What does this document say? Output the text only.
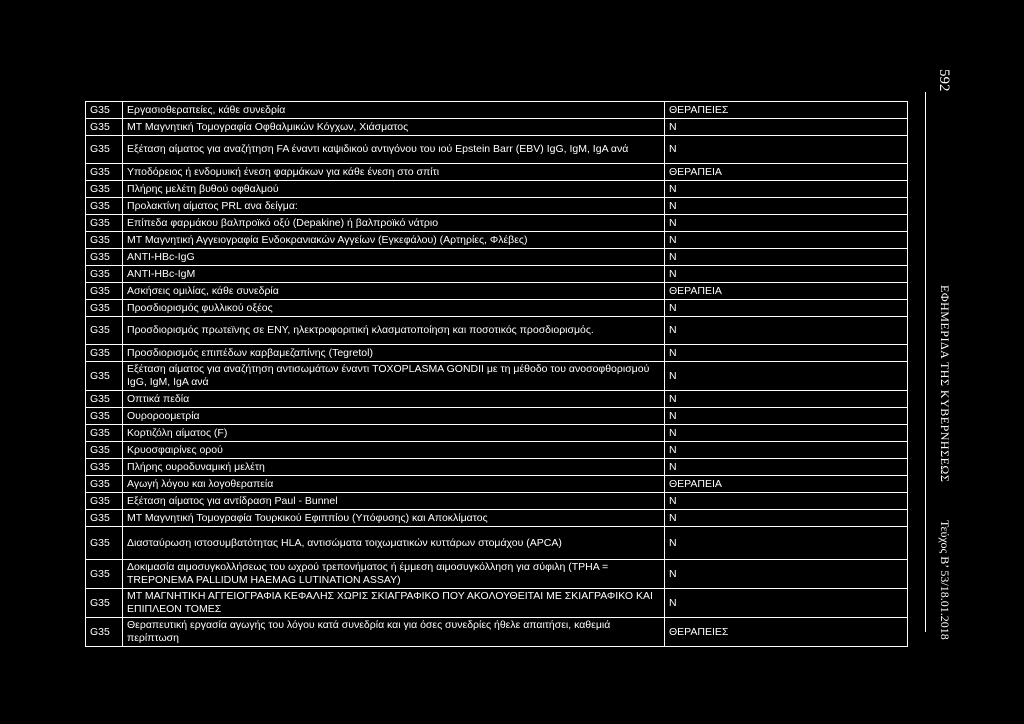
592
ΕΦΗΜΕΡΙΔΑ ΤΗΣ ΚΥΒΕΡΝΗΣΕΩΣ
Τεύχος Β’ 53/18.01.2018
G35	Εργασιοθεραπείες, κάθε συνεδρία	ΘΕΡΑΠΕΙΕΣ
G35	ΜΤ Μαγνητική Τομογραφία Οφθαλμικών Κόγχων, Χιάσματος	Ν
G35	Εξέταση αίματος για αναζήτηση FA έναντι καψιδικού αντιγόνου του ιού Epstein Barr (EBV) IgG, IgM, IgA ανά	Ν
G35	Υποδόρειος ή ενδομυική ένεση φαρμάκων για κάθε ένεση στο σπίτι	ΘΕΡΑΠΕΙΑ
G35	Πλήρης μελέτη βυθού οφθαλμού	Ν
G35	Προλακτίνη αίματος PRL ανα δείγμα:	Ν
G35	Επίπεδα φαρμάκου βαλπροϊκό οξύ (Depakine) ή βαλπροϊκό νάτριο	Ν
G35	ΜΤ Μαγνητική Αγγειογραφία Ενδοκρανιακών Αγγείων (Εγκεφάλου) (Αρτηρίες, Φλέβες)	Ν
G35	ANTI-HBc-IgG	Ν
G35	ANTI-HBc-IgM	Ν
G35	Ασκήσεις ομιλίας, κάθε συνεδρία	ΘΕΡΑΠΕΙΑ
G35	Προσδιορισμός φυλλικού οξέος	Ν
G35	Προσδιορισμός πρωτεϊνης σε ΕΝΥ, ηλεκτροφοριτική κλασματοποίηση και ποσοτικός προσδιορισμός.	Ν
G35	Προσδιορισμός επιπέδων καρβαμεζαπίνης (Tegretol)	Ν
G35	Εξέταση αίματος για αναζήτηση αντισωμάτων έναντι TOXOPLASMA GONDII με τη μέθοδο του ανοσοφθορισμού IgG, IgM, IgA ανά	Ν
G35	Οπτικά πεδία	Ν
G35	Ουροροομετρία	Ν
G35	Κορτιζόλη αίματος (F)	Ν
G35	Κρυοσφαιρίνες ορού	Ν
G35	Πλήρης ουροδυναμική μελέτη	Ν
G35	Αγωγή λόγου και λογοθεραπεία	ΘΕΡΑΠΕΙΑ
G35	Εξέταση αίματος για αντίδραση Paul - Bunnel	Ν
G35	ΜΤ Μαγνητική Τομογραφία Τουρκικού Εφιππίου (Υπόφυσης) και Αποκλίματος	Ν
G35	Διασταύρωση ιστοσυμβατότητας HLA, αντισώματα τοιχωματικών κυττάρων στομάχου (APCA)	Ν
G35	Δοκιμασία αιμοσυγκολλήσεως του ωχρού τρεπονήματος ή έμμεση αιμοσυγκόλληση για σύφιλη (TPHA = TREPONEMA PALLIDUM HAEMAG LUTINATION ASSAY)	Ν
G35	ΜΤ ΜΑΓΝΗΤΙΚΗ ΑΓΓΕΙΟΓΡΑΦΙΑ ΚΕΦΑΛΗΣ ΧΩΡΙΣ ΣΚΙΑΓΡΑΦΙΚΟ ΠΟΥ ΑΚΟΛΟΥΘΕΙΤΑΙ ΜΕ ΣΚΙΑΓΡΑΦΙΚΟ ΚΑΙ ΕΠΙΠΛΕΟΝ ΤΟΜΕΣ	Ν
G35	Θεραπευτική εργασία αγωγής του λόγου κατά συνεδρία και για όσες συνεδρίες ήθελε απαιτήσει, καθεμιά περίπτωση	ΘΕΡΑΠΕΙΕΣ
